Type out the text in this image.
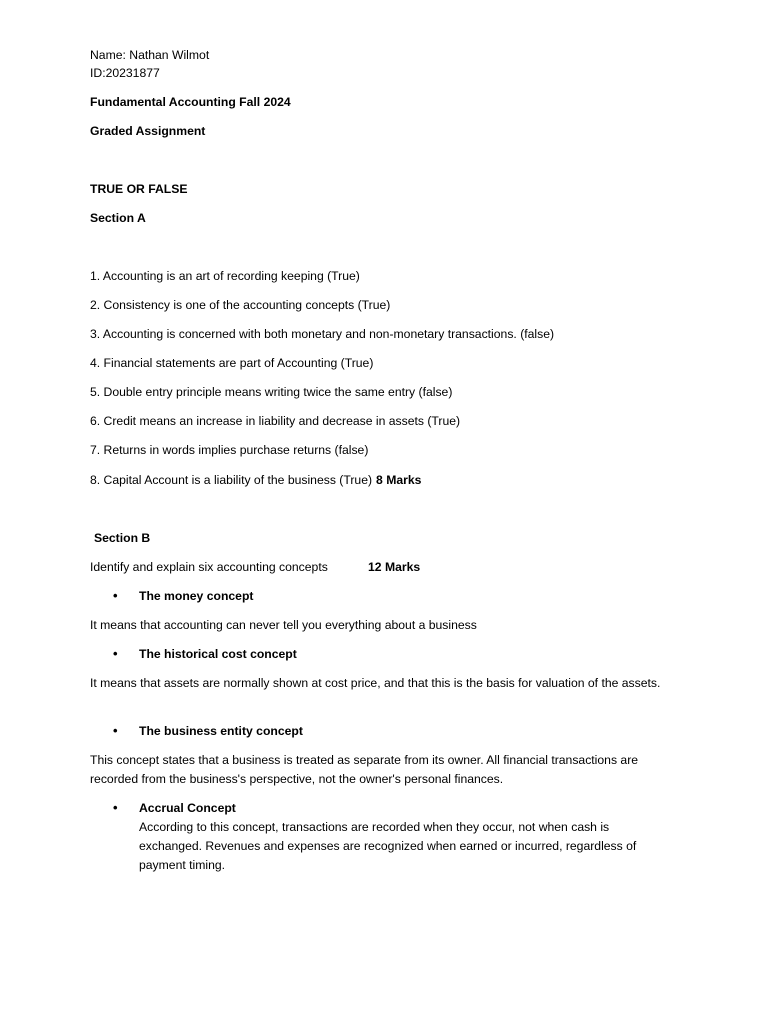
Name: Nathan Wilmot
ID:20231877
Fundamental Accounting Fall 2024
Graded Assignment
TRUE OR FALSE
Section A
1. Accounting is an art of recording keeping (True)
2. Consistency is one of the accounting concepts (True)
3. Accounting is concerned with both monetary and non-monetary transactions. (false)
4. Financial statements are part of Accounting (True)
5. Double entry principle means writing twice the same entry (false)
6. Credit means an increase in liability and decrease in assets (True)
7. Returns in words implies purchase returns (false)
8. Capital Account is a liability of the business (True) 8 Marks
Section B
Identify and explain six accounting concepts	12 Marks
• The money concept
It means that accounting can never tell you everything about a business
• The historical cost concept
It means that assets are normally shown at cost price, and that this is the basis for valuation of the assets.
• The business entity concept
This concept states that a business is treated as separate from its owner. All financial transactions are recorded from the business's perspective, not the owner's personal finances.
• Accrual Concept
According to this concept, transactions are recorded when they occur, not when cash is exchanged. Revenues and expenses are recognized when earned or incurred, regardless of payment timing.
